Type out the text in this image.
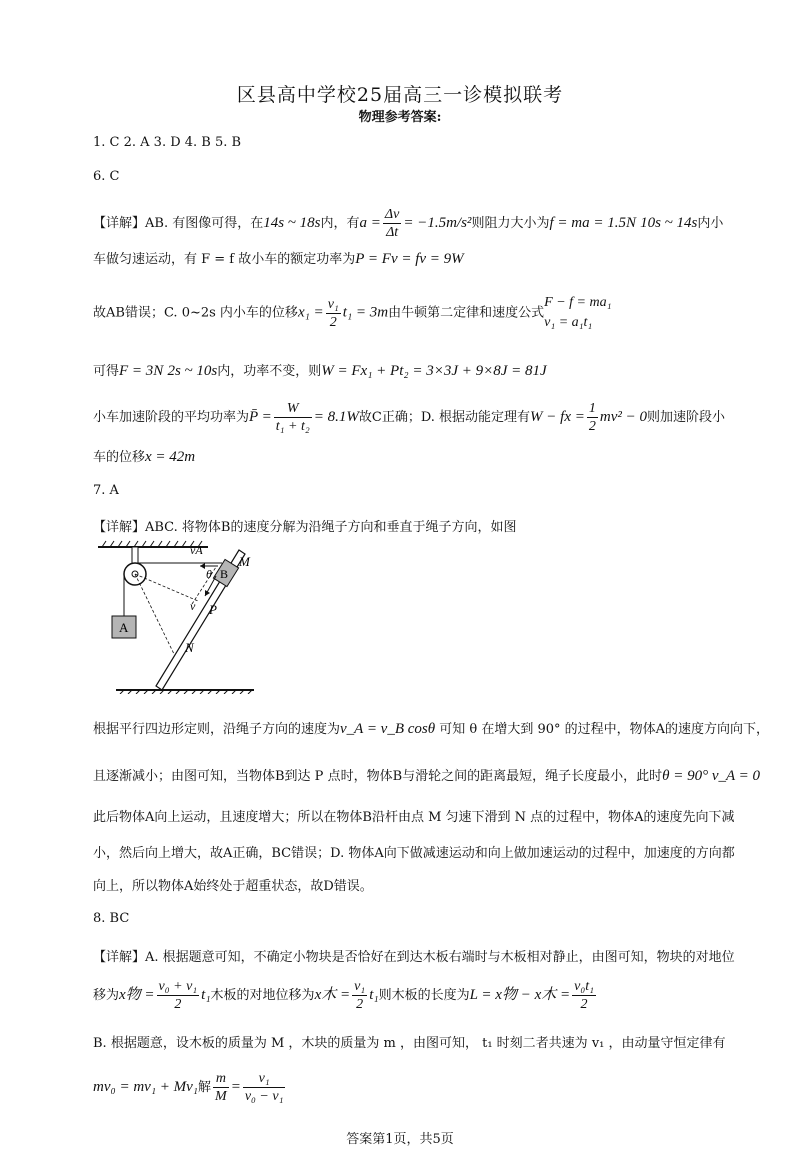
区县高中学校25届高三一诊模拟联考
物理参考答案:
1. C 2. A 3. D 4. B 5. B
6. C
【详解】AB. 有图像可得，在14s ~ 18s内，有$a = \frac{\Delta v}{\Delta t} = -1.5m/s^2$则阻力大小为f = ma = 1.5N 10s ~ 14s内小
车做匀速运动，有 F = f 故小车的额定功率为P = Fv = fv = 9W
故AB错误；C. 0~2s 内小车的位移$x_1 = \frac{\text{v₁}}{2} t_1 = 3m$由牛顿第二定律和速度公式
F − f = ma₁
v₁ = a₁t₁
可得F = 3N 2s ~ 10s内，功率不变，则W = Fx₁ + Pt₂ = 3×3J + 9×8J = 81J
小车加速阶段的平均功率为P̄ = $\frac{W}{\text{t₁ + t₂}} = 8.1W$故C正确；D. 根据动能定理有W − fx = $\frac{1}{2} mv^2 - 0$则加速阶段小
车的位移x = 42m
7. A
【详解】ABC. 将物体B的速度分解为沿绳子方向和垂直于绳子方向，如图
A
B
vA
θ
M
v P
N
根据平行四边形定则，沿绳子方向的速度为v_A = v_B cosθ 可知 θ 在增大到 90° 的过程中，物体A的速度方向向下，
且逐渐减小；由图可知，当物体B到达 P 点时，物体B与滑轮之间的距离最短，绳子长度最小，此时θ = 90° v_A = 0
此后物体A向上运动，且速度增大；所以在物体B沿杆由点 M 匀速下滑到 N 点的过程中，物体A的速度先向下减
小，然后向上增大，故A正确，BC错误；D. 物体A向下做减速运动和向上做加速运动的过程中，加速度的方向都
向上，所以物体A始终处于超重状态，故D错误。
8. BC
【详解】A. 根据题意可知，不确定小物块是否恰好在到达木板右端时与木板相对静止，由图可知，物块的对地位
移为x物 = $\frac{\text{v₀ + v₁}}{2} t_1$木板的对地位移为x木 = $\frac{\text{v₁}}{2} t_1$则木板的长度为L = x物 − x木 = $\frac{\text{v₀t₁}}{2}$
B. 根据题意，设木板的质量为 M ，木块的质量为 m ，由图可知， t₁ 时刻二者共速为 v₁ ，由动量守恒定律有
mv₀ = mv₁ + Mv₁解 $\frac{m}{M} = \frac{\text{v₁}}{\text{v₀ − v₁}}$
答案第1页，共5页
